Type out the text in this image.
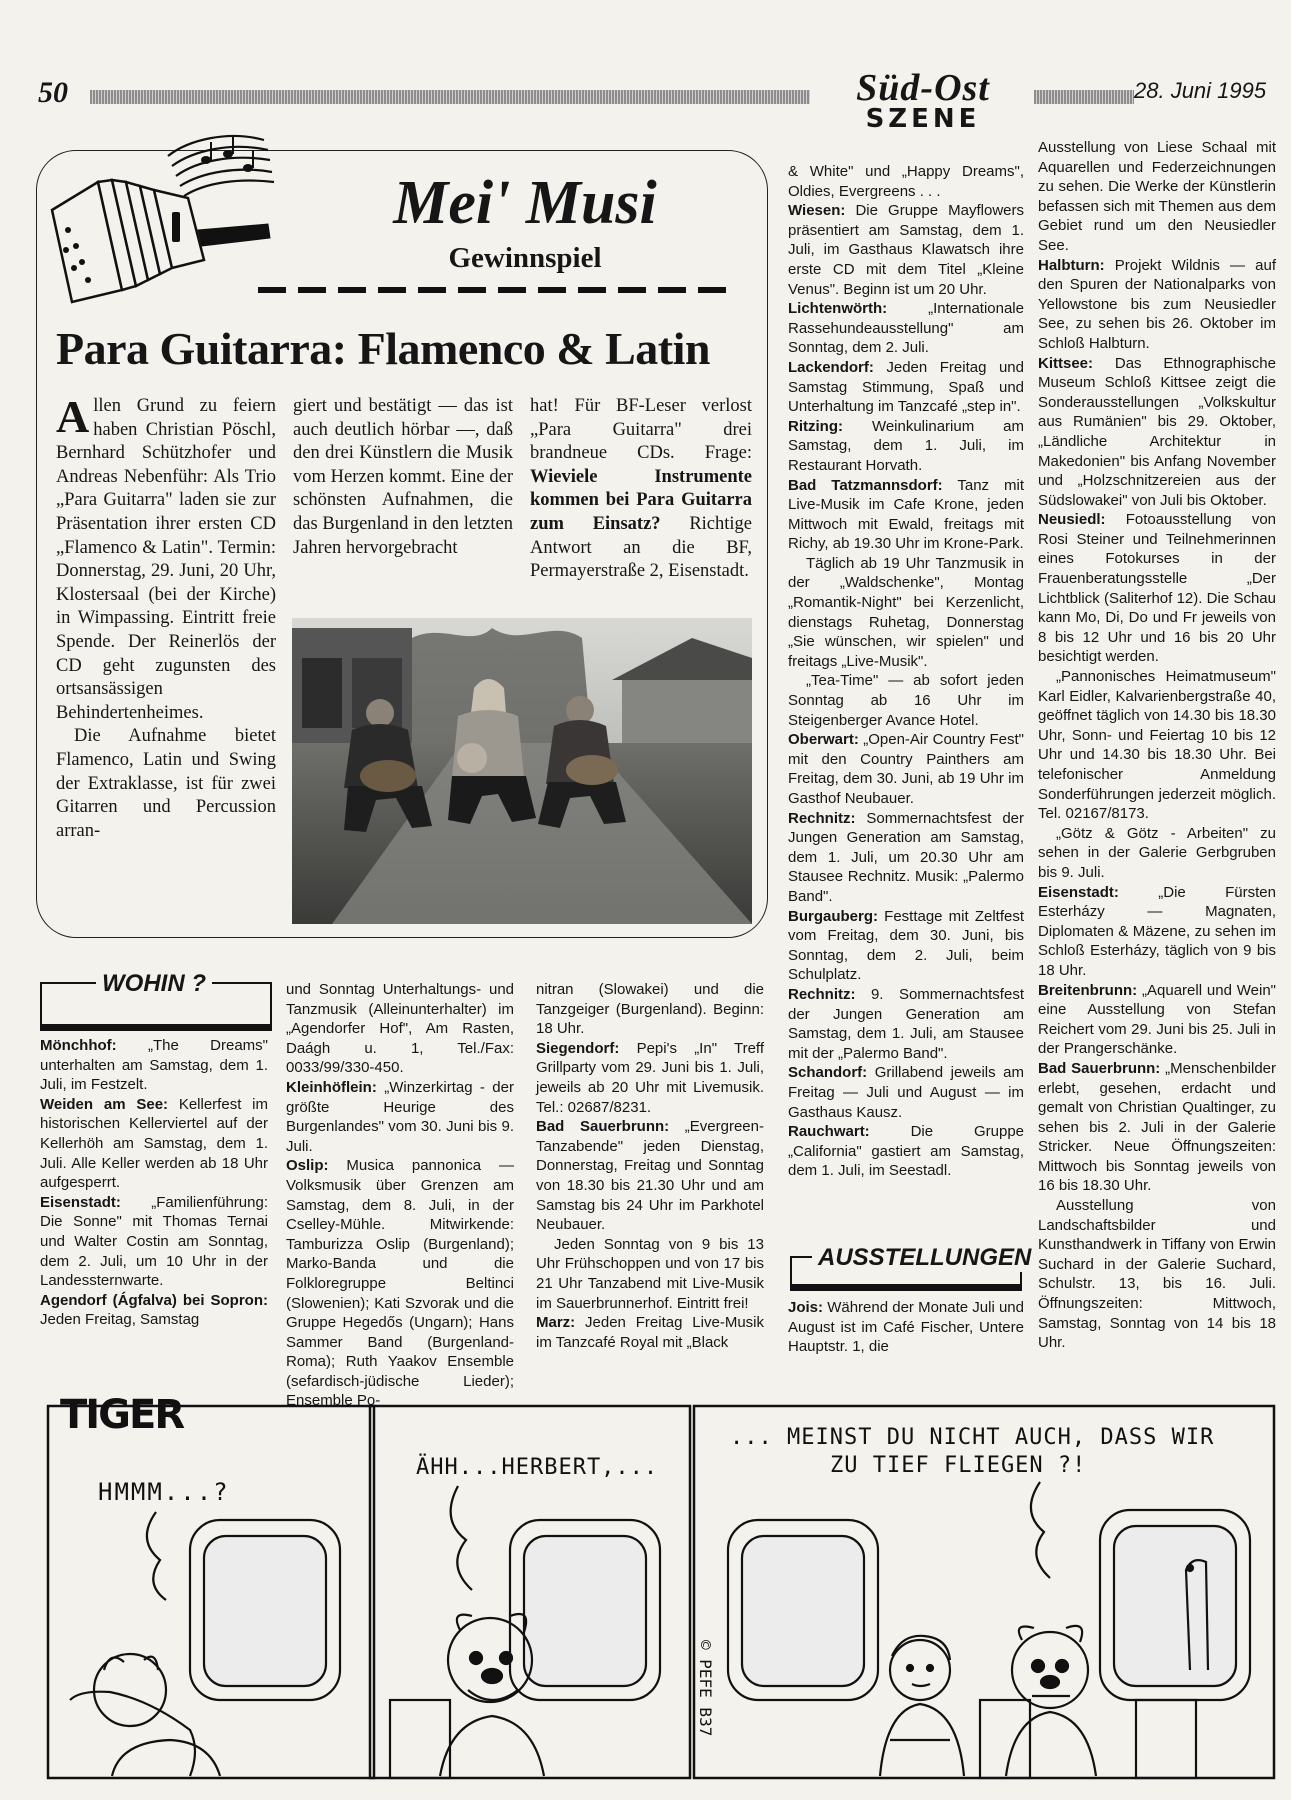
50	Süd-Ost
SZENE
28. Juni 1995
Mei' Musi
Gewinnspiel
Para Guitarra: Flamenco & Latin

Allen Grund zu feiern haben Christian Pöschl, Bernhard Schützhofer und Andreas Nebenführ: Als Trio „Para Guitarra" laden sie zur Präsentation ihrer ersten CD „Flamenco & Latin". Termin: Donnerstag, 29. Juni, 20 Uhr, Klostersaal (bei der Kirche) in Wimpassing. Eintritt freie Spende. Der Reinerlös der CD geht zugunsten des ortsansässigen Behindertenheimes.

Die Aufnahme bietet Flamenco, Latin und Swing der Extraklasse, ist für zwei Gitarren und Percussion arran-

giert und bestätigt — das ist auch deutlich hörbar —, daß den drei Künstlern die Musik vom Herzen kommt. Eine der schönsten Aufnahmen, die das Burgenland in den letzten Jahren hervorgebracht

hat! Für BF-Leser verlost „Para Guitarra" drei brandneue CDs. Frage: Wieviele Instrumente kommen bei Para Guitarra zum Einsatz? Richtige Antwort an die BF, Permayerstraße 2, Eisenstadt.

WOHIN ?

Mönchhof: „The Dreams" unterhalten am Samstag, dem 1. Juli, im Festzelt.

Weiden am See: Kellerfest im historischen Kellerviertel auf der Kellerhöh am Samstag, dem 1. Juli. Alle Keller werden ab 18 Uhr aufgesperrt.

Eisenstadt: „Familienführung: Die Sonne" mit Thomas Ternai und Walter Costin am Sonntag, dem 2. Juli, um 10 Uhr in der Landessternwarte.

Agendorf (Ágfalva) bei Sopron: Jeden Freitag, Samstag

und Sonntag Unterhaltungs- und Tanzmusik (Alleinunterhalter) im „Agendorfer Hof", Am Rasten, Daágh u. 1, Tel./Fax: 0033/99/330-450.

Kleinhöflein: „Winzerkirtag - der größte Heurige des Burgenlandes" vom 30. Juni bis 9. Juli.

Oslip: Musica pannonica — Volksmusik über Grenzen am Samstag, dem 8. Juli, in der Cselley-Mühle. Mitwirkende: Tamburizza Oslip (Burgenland); Marko-Banda und die Folkloregruppe Beltinci (Slowenien); Kati Szvorak und die Gruppe Hegedős (Ungarn); Hans Sammer Band (Burgenland-Roma); Ruth Yaakov Ensemble (sefardisch-jüdische Lieder); Ensemble Po-

nitran (Slowakei) und die Tanzgeiger (Burgenland). Beginn: 18 Uhr.

Siegendorf: Pepi's „In" Treff Grillparty vom 29. Juni bis 1. Juli, jeweils ab 20 Uhr mit Livemusik. Tel.: 02687/8231.

Bad Sauerbrunn: „Evergreen-Tanzabende" jeden Dienstag, Donnerstag, Freitag und Sonntag von 18.30 bis 21.30 Uhr und am Samstag bis 24 Uhr im Parkhotel Neubauer.

Jeden Sonntag von 9 bis 13 Uhr Frühschoppen und von 17 bis 21 Uhr Tanzabend mit Live-Musik im Sauerbrunnerhof. Eintritt frei!

Marz: Jeden Freitag Live-Musik im Tanzcafé Royal mit „Black

& White" und „Happy Dreams", Oldies, Evergreens . . .

Wiesen: Die Gruppe Mayflowers präsentiert am Samstag, dem 1. Juli, im Gasthaus Klawatsch ihre erste CD mit dem Titel „Kleine Venus". Beginn ist um 20 Uhr.

Lichtenwörth: „Internationale Rassehundeausstellung" am Sonntag, dem 2. Juli.

Lackendorf: Jeden Freitag und Samstag Stimmung, Spaß und Unterhaltung im Tanzcafé „step in".

Ritzing: Weinkulinarium am Samstag, dem 1. Juli, im Restaurant Horvath.

Bad Tatzmannsdorf: Tanz mit Live-Musik im Cafe Krone, jeden Mittwoch mit Ewald, freitags mit Richy, ab 19.30 Uhr im Krone-Park.

Täglich ab 19 Uhr Tanzmusik in der „Waldschenke", Montag „Romantik-Night" bei Kerzenlicht, dienstags Ruhetag, Donnerstag „Sie wünschen, wir spielen" und freitags „Live-Musik".

„Tea-Time" — ab sofort jeden Sonntag ab 16 Uhr im Steigenberger Avance Hotel.

Oberwart: „Open-Air Country Fest" mit den Country Painthers am Freitag, dem 30. Juni, ab 19 Uhr im Gasthof Neubauer.

Rechnitz: Sommernachtsfest der Jungen Generation am Samstag, dem 1. Juli, um 20.30 Uhr am Stausee Rechnitz. Musik: „Palermo Band".

Burgauberg: Festtage mit Zeltfest vom Freitag, dem 30. Juni, bis Sonntag, dem 2. Juli, beim Schulplatz.

Rechnitz: 9. Sommernachtsfest der Jungen Generation am Samstag, dem 1. Juli, am Stausee mit der „Palermo Band".

Schandorf: Grillabend jeweils am Freitag — Juli und August — im Gasthaus Kausz.

Rauchwart: Die Gruppe „California" gastiert am Samstag, dem 1. Juli, im Seestadl.

AUSSTELLUNGEN

Jois: Während der Monate Juli und August ist im Café Fischer, Untere Hauptstr. 1, die

Ausstellung von Liese Schaal mit Aquarellen und Federzeichnungen zu sehen. Die Werke der Künstlerin befassen sich mit Themen aus dem Gebiet rund um den Neusiedler See.

Halbturn: Projekt Wildnis — auf den Spuren der Nationalparks von Yellowstone bis zum Neusiedler See, zu sehen bis 26. Oktober im Schloß Halbturn.

Kittsee: Das Ethnographische Museum Schloß Kittsee zeigt die Sonderausstellungen „Volkskultur aus Rumänien" bis 29. Oktober, „Ländliche Architektur in Makedonien" bis Anfang November und „Holzschnitzereien aus der Südslowakei" von Juli bis Oktober.

Neusiedl: Fotoausstellung von Rosi Steiner und Teilnehmerinnen eines Fotokurses in der Frauenberatungsstelle „Der Lichtblick (Saliterhof 12). Die Schau kann Mo, Di, Do und Fr jeweils von 8 bis 12 Uhr und 16 bis 20 Uhr besichtigt werden.

„Pannonisches Heimatmuseum" Karl Eidler, Kalvarienbergstraße 40, geöffnet täglich von 14.30 bis 18.30 Uhr, Sonn- und Feiertag 10 bis 12 Uhr und 14.30 bis 18.30 Uhr. Bei telefonischer Anmeldung Sonderführungen jederzeit möglich. Tel. 02167/8173.

„Götz & Götz - Arbeiten" zu sehen in der Galerie Gerbgruben bis 9. Juli.

Eisenstadt: „Die Fürsten Esterházy — Magnaten, Diplomaten & Mäzene, zu sehen im Schloß Esterházy, täglich von 9 bis 18 Uhr.

Breitenbrunn: „Aquarell und Wein" eine Ausstellung von Stefan Reichert vom 29. Juni bis 25. Juli in der Prangerschänke.

Bad Sauerbrunn: „Menschenbilder erlebt, gesehen, erdacht und gemalt von Christian Qualtinger, zu sehen bis 2. Juli in der Galerie Stricker. Neue Öffnungszeiten: Mittwoch bis Sonntag jeweils von 16 bis 18.30 Uhr.

Ausstellung von Landschaftsbilder und Kunsthandwerk in Tiffany von Erwin Suchard in der Galerie Suchard, Schulstr. 13, bis 16. Juli. Öffnungszeiten: Mittwoch, Samstag, Sonntag von 14 bis 18 Uhr.

TIGER
HMMM...?
ÄHH...HERBERT,...
... MEINST DU NICHT AUCH, DASS WIR
ZU TIEF FLIEGEN ?!
© PEFE B37
